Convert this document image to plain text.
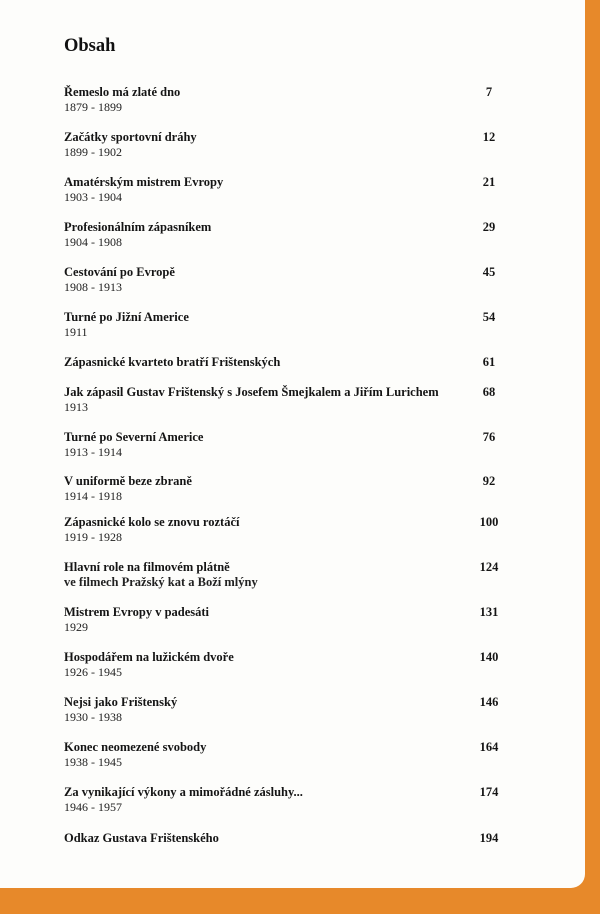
Obsah
Řemeslo má zlaté dno
1879 - 1899
7
Začátky sportovní dráhy
1899 - 1902
12
Amatérským mistrem Evropy
1903 - 1904
21
Profesionálním zápasníkem
1904 - 1908
29
Cestování po Evropě
1908 - 1913
45
Turné po Jižní Americe
1911
54
Zápasnické kvarteto bratří Frištenských	61
Jak zápasil Gustav Frištenský s Josefem Šmejkalem a Jiřím Lurichem
1913
68
Turné po Severní Americe
1913 - 1914
76
V uniformě beze zbraně
1914 - 1918
92
Zápasnické kolo se znovu roztáčí
1919 - 1928
100
Hlavní role na filmovém plátně
ve filmech Pražský kat a Boží mlýny
124
Mistrem Evropy v padesáti
1929
131
Hospodářem na lužickém dvoře
1926 - 1945
140
Nejsi jako Frištenský
1930 - 1938
146
Konec neomezené svobody
1938 - 1945
164
Za vynikající výkony a mimořádné zásluhy...
1946 - 1957
174
Odkaz Gustava Frištenského	194
